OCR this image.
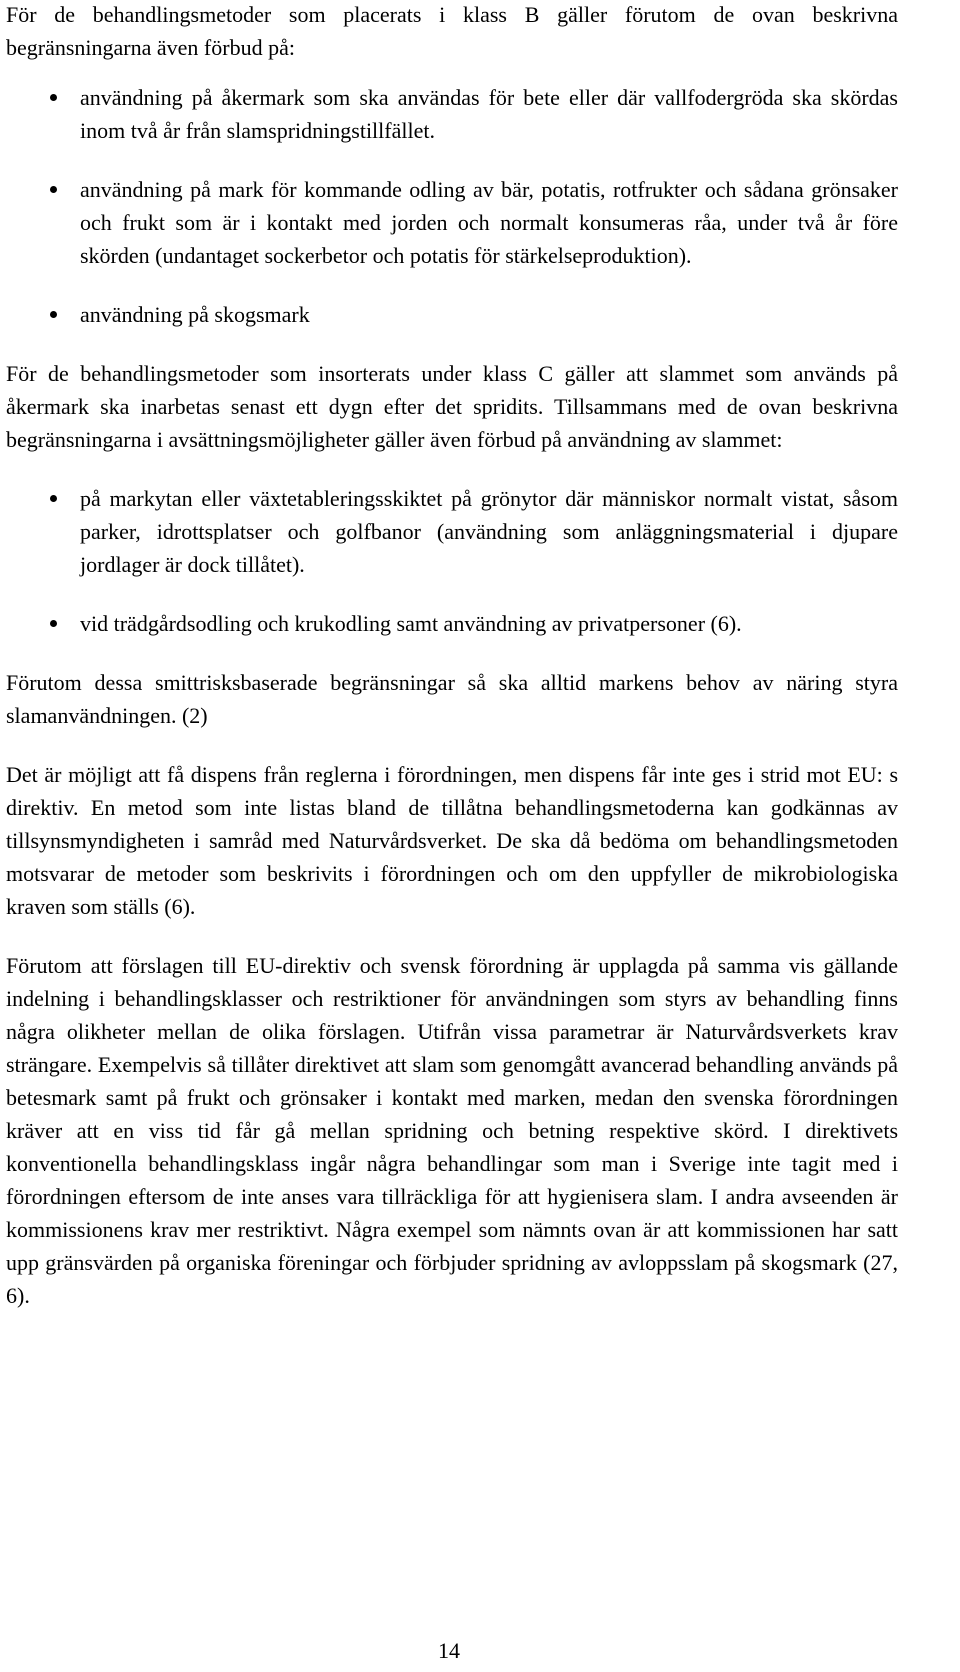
För de behandlingsmetoder som placerats i klass B gäller förutom de ovan beskrivna begränsningarna även förbud på:

användning på åkermark som ska användas för bete eller där vallfodergröda ska skördas inom två år från slamspridningstillfället.
användning på mark för kommande odling av bär, potatis, rotfrukter och sådana grönsaker och frukt som är i kontakt med jorden och normalt konsumeras råa, under två år före skörden (undantaget sockerbetor och potatis för stärkelseproduktion).
användning på skogsmark

För de behandlingsmetoder som insorterats under klass C gäller att slammet som används på åkermark ska inarbetas senast ett dygn efter det spridits. Tillsammans med de ovan beskrivna begränsningarna i avsättningsmöjligheter gäller även förbud på användning av slammet:

på markytan eller växtetableringsskiktet på grönytor där människor normalt vistat, såsom parker, idrottsplatser och golfbanor (användning som anläggningsmaterial i djupare jordlager är dock tillåtet).
vid trädgårdsodling och krukodling samt användning av privatpersoner (6).

Förutom dessa smittrisksbaserade begränsningar så ska alltid markens behov av näring styra slamanvändningen. (2)

Det är möjligt att få dispens från reglerna i förordningen, men dispens får inte ges i strid mot EU: s direktiv. En metod som inte listas bland de tillåtna behandlingsmetoderna kan godkännas av tillsynsmyndigheten i samråd med Naturvårdsverket. De ska då bedöma om behandlingsmetoden motsvarar de metoder som beskrivits i förordningen och om den uppfyller de mikrobiologiska kraven som ställs (6).

Förutom att förslagen till EU-direktiv och svensk förordning är upplagda på samma vis gällande indelning i behandlingsklasser och restriktioner för användningen som styrs av behandling finns några olikheter mellan de olika förslagen. Utifrån vissa parametrar är Naturvårdsverkets krav strängare. Exempelvis så tillåter direktivet att slam som genomgått avancerad behandling används på betesmark samt på frukt och grönsaker i kontakt med marken, medan den svenska förordningen kräver att en viss tid får gå mellan spridning och betning respektive skörd. I direktivets konventionella behandlingsklass ingår några behandlingar som man i Sverige inte tagit med i förordningen eftersom de inte anses vara tillräckliga för att hygienisera slam. I andra avseenden är kommissionens krav mer restriktivt. Några exempel som nämnts ovan är att kommissionen har satt upp gränsvärden på organiska föreningar och förbjuder spridning av avloppsslam på skogsmark (27, 6).

14
